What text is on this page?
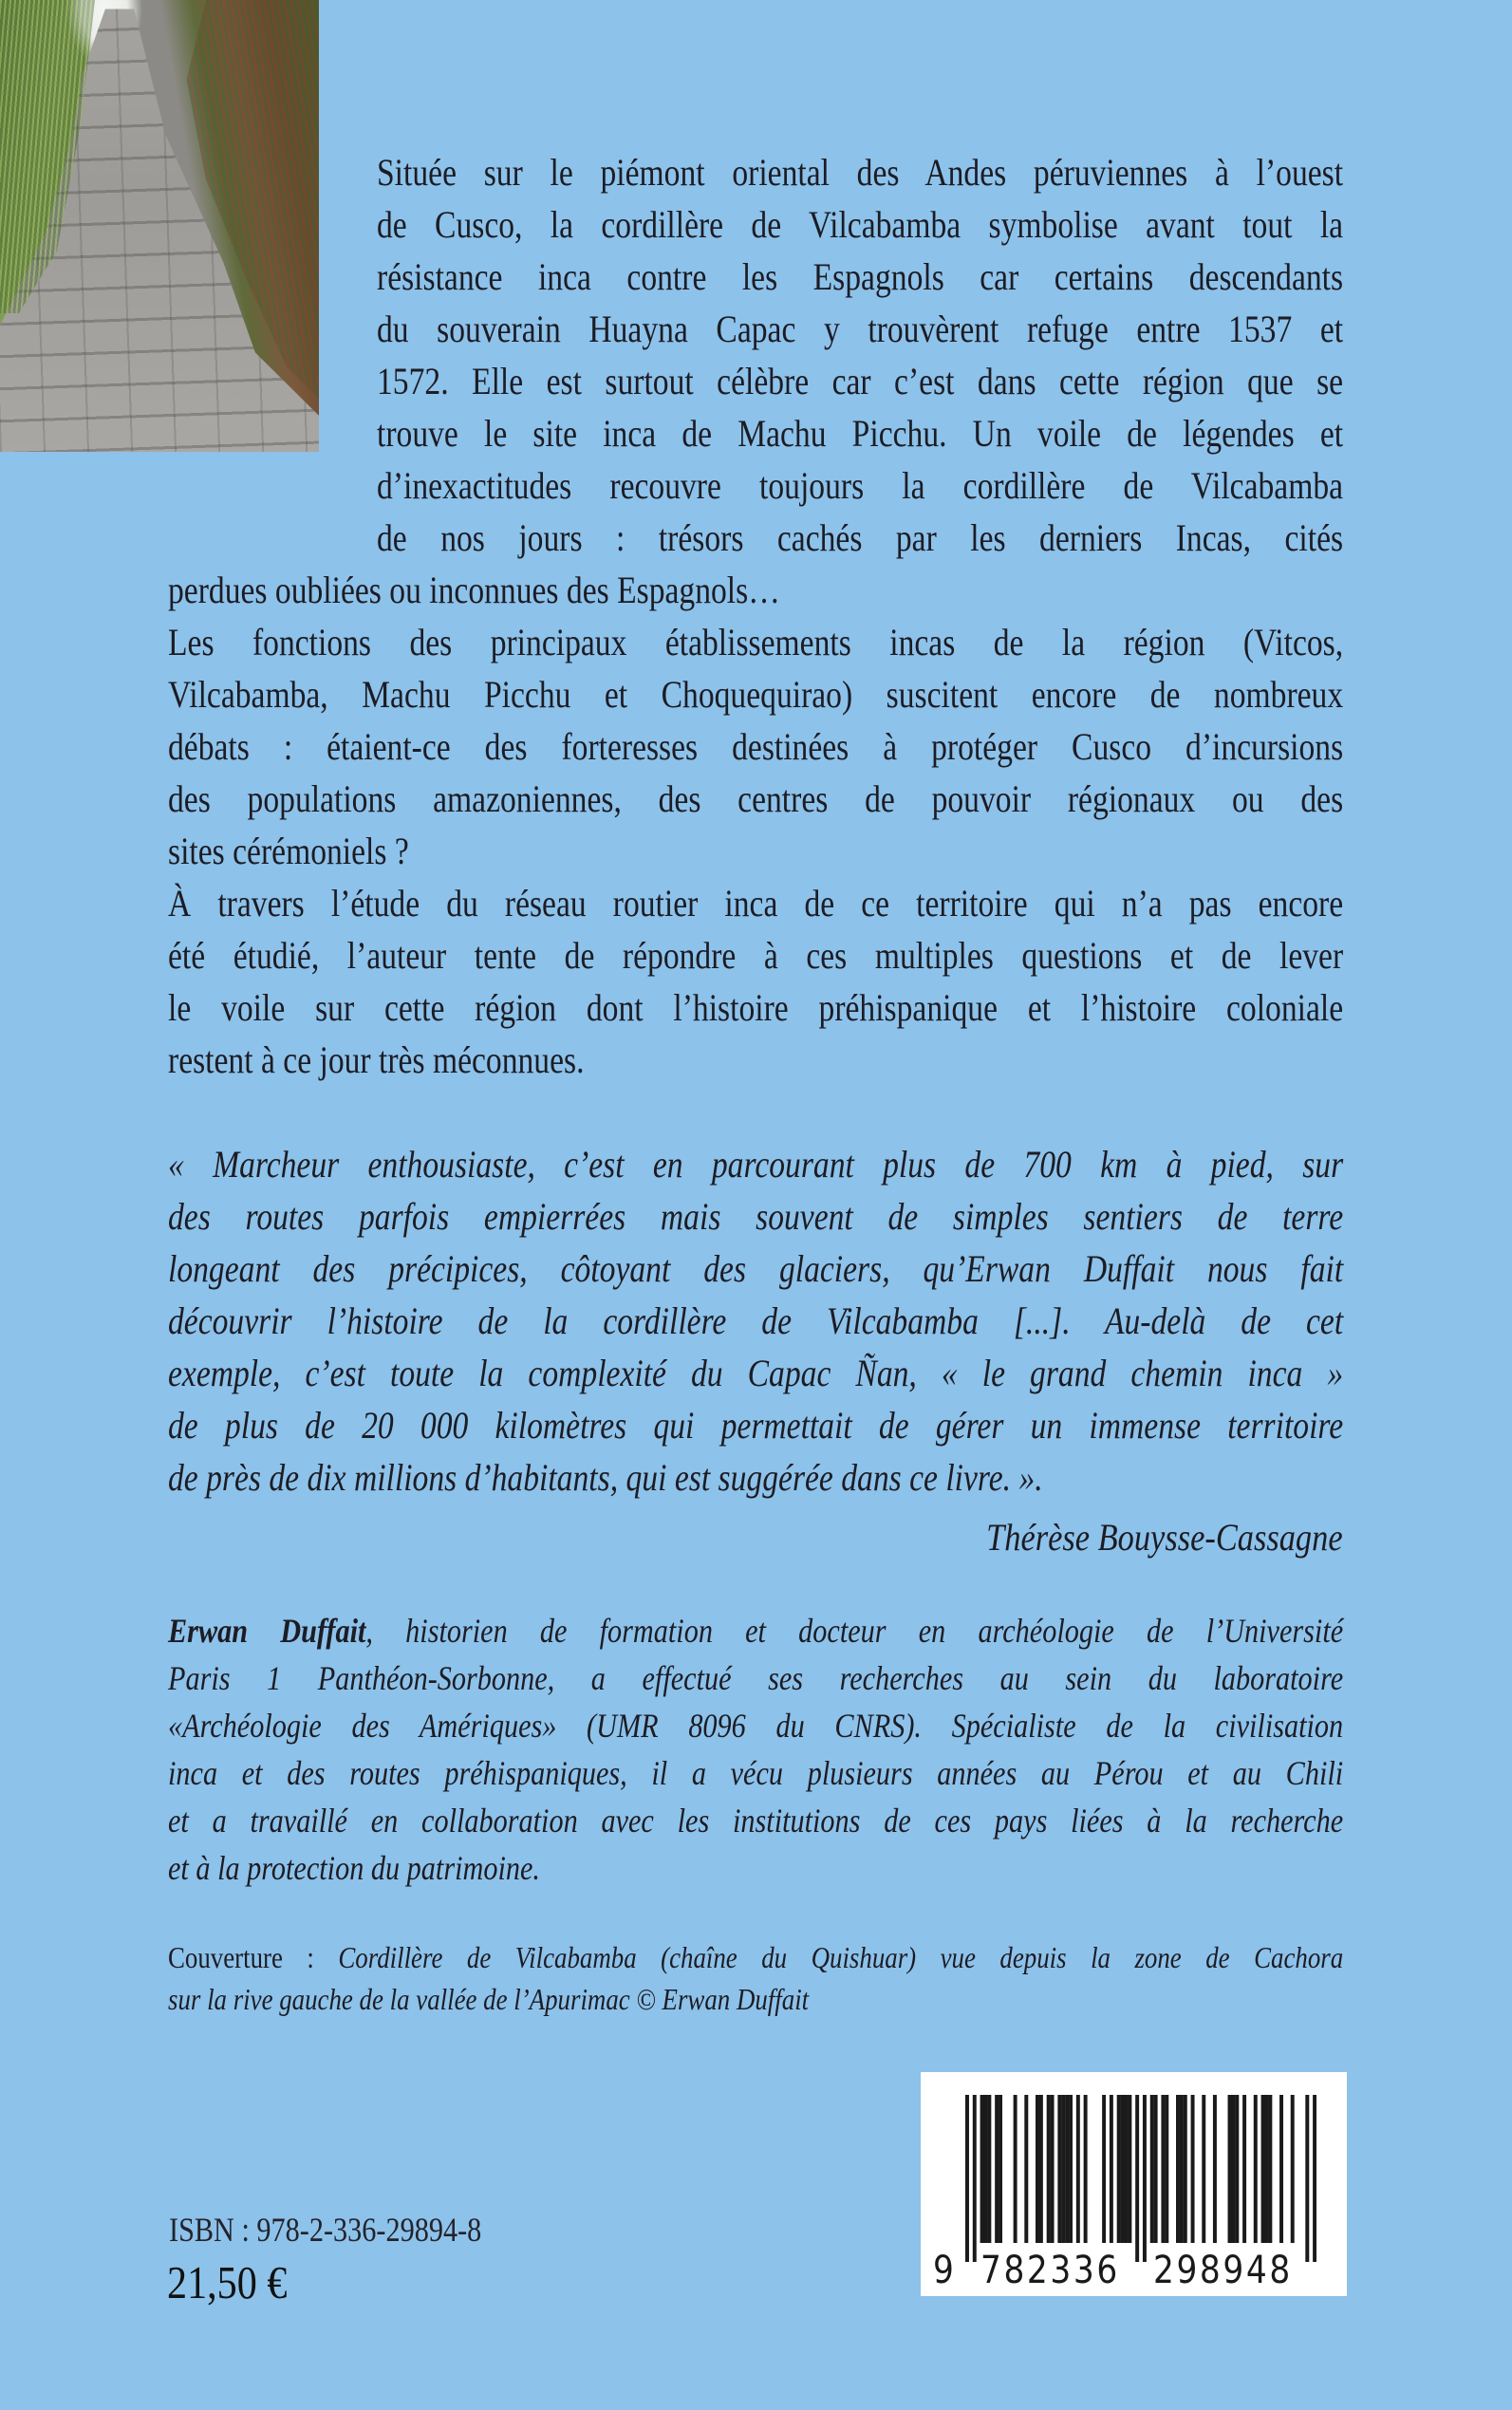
Située sur le piémont oriental des Andes péruviennes à l’ouest
de Cusco, la cordillère de Vilcabamba symbolise avant tout la
résistance inca contre les Espagnols car certains descendants
du souverain Huayna Capac y trouvèrent refuge entre 1537 et
1572. Elle est surtout célèbre car c’est dans cette région que se
trouve le site inca de Machu Picchu. Un voile de légendes et
d’inexactitudes recouvre toujours la cordillère de Vilcabamba
de nos jours : trésors cachés par les derniers Incas, cités
perdues oubliées ou inconnues des Espagnols…
Les fonctions des principaux établissements incas de la région (Vitcos,
Vilcabamba, Machu Picchu et Choquequirao) suscitent encore de nombreux
débats : étaient-ce des forteresses destinées à protéger Cusco d’incursions
des populations amazoniennes, des centres de pouvoir régionaux ou des
sites cérémoniels ?
À travers l’étude du réseau routier inca de ce territoire qui n’a pas encore
été étudié, l’auteur tente de répondre à ces multiples questions et de lever
le voile sur cette région dont l’histoire préhispanique et l’histoire coloniale
restent à ce jour très méconnues.
« Marcheur enthousiaste, c’est en parcourant plus de 700 km à pied, sur
des routes parfois empierrées mais souvent de simples sentiers de terre
longeant des précipices, côtoyant des glaciers, qu’Erwan Duffait nous fait
découvrir l’histoire de la cordillère de Vilcabamba [...]. Au-delà de cet
exemple, c’est toute la complexité du Capac Ñan, « le grand chemin inca »
de plus de 20 000 kilomètres qui permettait de gérer un immense territoire
de près de dix millions d’habitants, qui est suggérée dans ce livre. ».
Thérèse Bouysse-Cassagne
Erwan Duffait, historien de formation et docteur en archéologie de l’Université
Paris 1 Panthéon-Sorbonne, a effectué ses recherches au sein du laboratoire
«Archéologie des Amériques» (UMR 8096 du CNRS). Spécialiste de la civilisation
inca et des routes préhispaniques, il a vécu plusieurs années au Pérou et au Chili
et a travaillé en collaboration avec les institutions de ces pays liées à la recherche
et à la protection du patrimoine.
Couverture : Cordillère de Vilcabamba (chaîne du Quishuar) vue depuis la zone de Cachora
sur la rive gauche de la vallée de l’Apurimac © Erwan Duffait
ISBN : 978-2-336-29894-8
21,50 €	9 782336 298948
